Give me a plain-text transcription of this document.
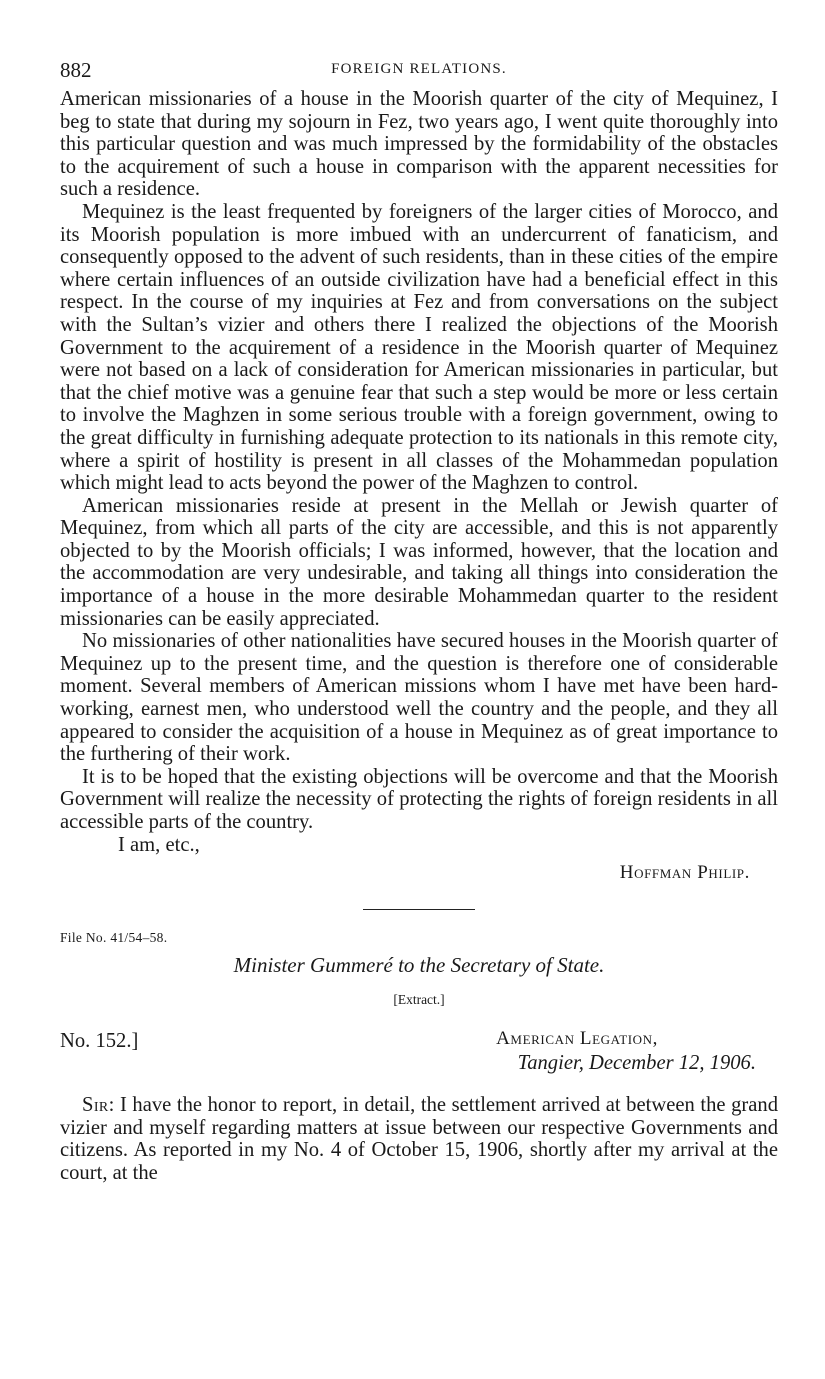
882	FOREIGN RELATIONS.

American missionaries of a house in the Moorish quarter of the city of Mequinez, I beg to state that during my sojourn in Fez, two years ago, I went quite thoroughly into this particular question and was much impressed by the formidability of the obstacles to the acquirement of such a house in comparison with the apparent necessities for such a residence.

Mequinez is the least frequented by foreigners of the larger cities of Morocco, and its Moorish population is more imbued with an undercurrent of fanaticism, and consequently opposed to the advent of such residents, than in these cities of the empire where certain influences of an outside civilization have had a beneficial effect in this respect. In the course of my inquiries at Fez and from conversations on the subject with the Sultan’s vizier and others there I realized the objections of the Moorish Government to the acquirement of a residence in the Moorish quarter of Mequinez were not based on a lack of consideration for American missionaries in particular, but that the chief motive was a genuine fear that such a step would be more or less certain to involve the Maghzen in some serious trouble with a foreign government, owing to the great difficulty in furnishing adequate protection to its nationals in this remote city, where a spirit of hostility is present in all classes of the Mohammedan population which might lead to acts beyond the power of the Maghzen to control.

American missionaries reside at present in the Mellah or Jewish quarter of Mequinez, from which all parts of the city are accessible, and this is not apparently objected to by the Moorish officials; I was informed, however, that the location and the accommodation are very undesirable, and taking all things into consideration the importance of a house in the more desirable Mohammedan quarter to the resident missionaries can be easily appreciated.

No missionaries of other nationalities have secured houses in the Moorish quarter of Mequinez up to the present time, and the question is therefore one of considerable moment. Several members of American missions whom I have met have been hard-working, earnest men, who understood well the country and the people, and they all appeared to consider the acquisition of a house in Mequinez as of great importance to the furthering of their work.

It is to be hoped that the existing objections will be overcome and that the Moorish Government will realize the necessity of protecting the rights of foreign residents in all accessible parts of the country.

I am, etc.,
Hoffman Philip.
File No. 41/54–58.
Minister Gummeré to the Secretary of State.
[Extract.]
No. 152.]	American Legation,
Tangier, December 12, 1906.

Sir: I have the honor to report, in detail, the settlement arrived at between the grand vizier and myself regarding matters at issue between our respective Governments and citizens. As reported in my No. 4 of October 15, 1906, shortly after my arrival at the court, at the
